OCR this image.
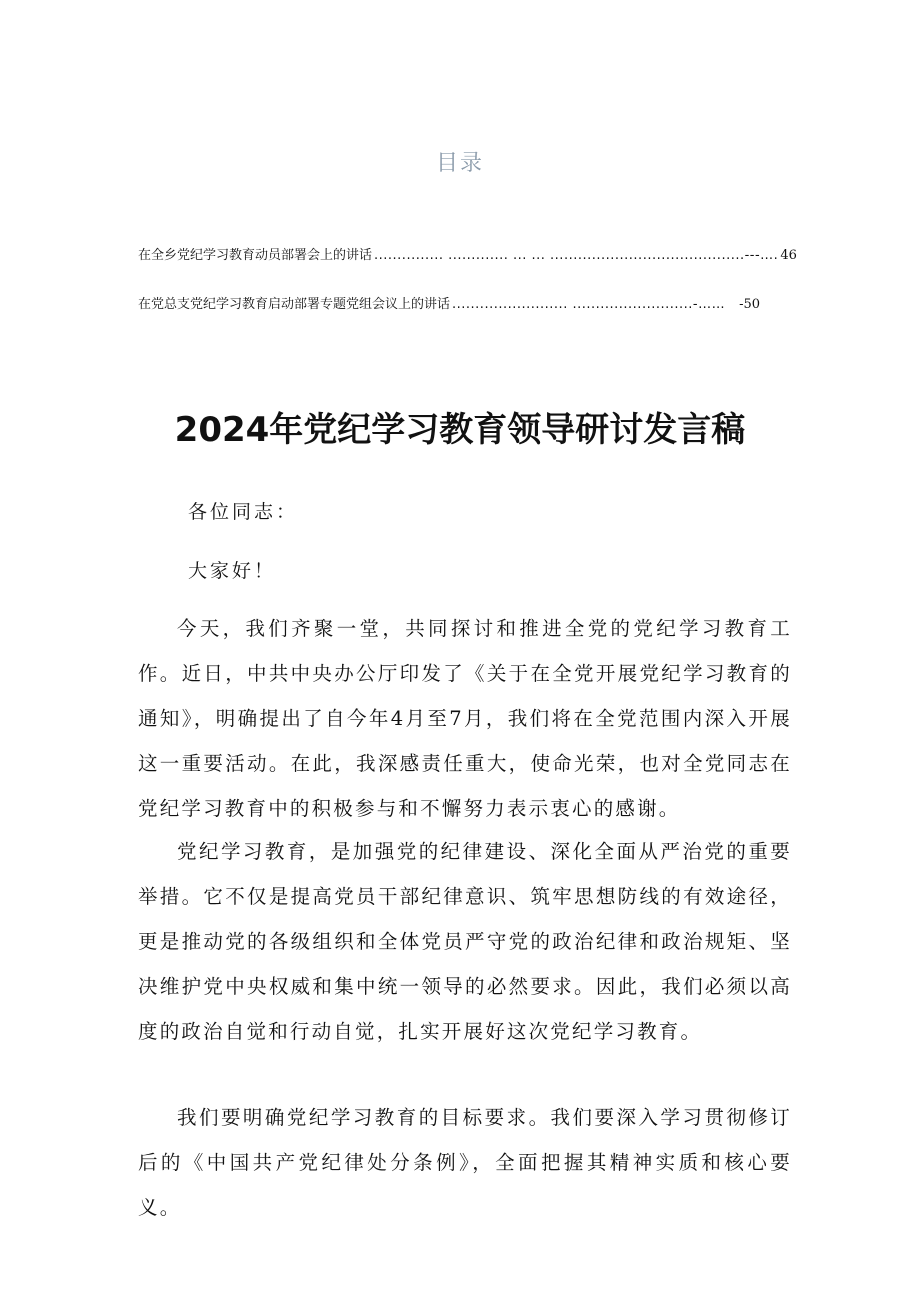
目录
在全乡党纪学习教育动员部署会上的讲话 ............... ............. ... ... ..........................................---…. 46
在党总支党纪学习教育启动部署专题党组会议上的讲话 ......................... ..........................-……	-50
2024年党纪学习教育领导研讨发言稿
各位同志：
大家好！

今天，我们齐聚一堂，共同探讨和推进全党的党纪学习教育工作。近日，中共中央办公厅印发了《关于在全党开展党纪学习教育的通知》，明确提出了自今年4月至7月，我们将在全党范围内深入开展这一重要活动。在此，我深感责任重大，使命光荣，也对全党同志在党纪学习教育中的积极参与和不懈努力表示衷心的感谢。

党纪学习教育，是加强党的纪律建设、深化全面从严治党的重要举措。它不仅是提高党员干部纪律意识、筑牢思想防线的有效途径，更是推动党的各级组织和全体党员严守党的政治纪律和政治规矩、坚决维护党中央权威和集中统一领导的必然要求。因此，我们必须以高度的政治自觉和行动自觉，扎实开展好这次党纪学习教育。

我们要明确党纪学习教育的目标要求。我们要深入学习贯彻修订后的《中国共产党纪律处分条例》，全面把握其精神实质和核心要义。
